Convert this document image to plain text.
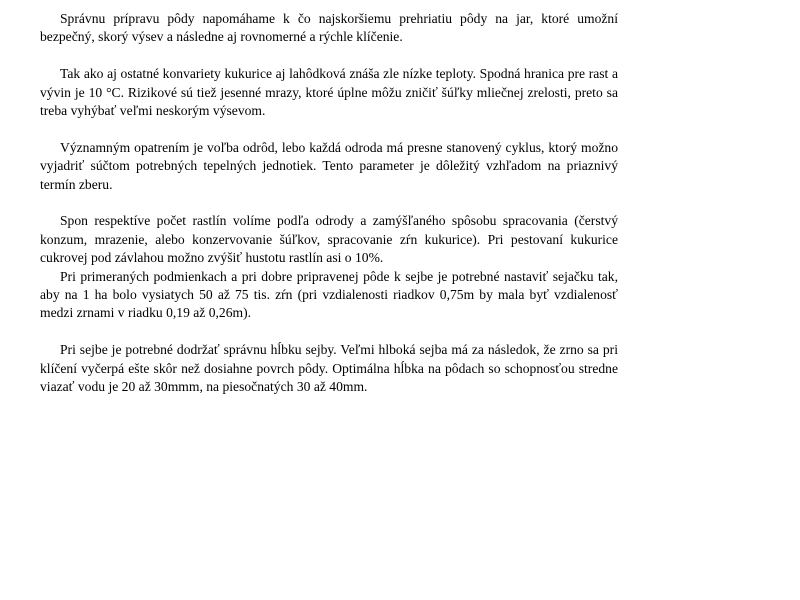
Správnu prípravu pôdy napomáhame k čo najskoršiemu prehriatiu pôdy na jar, ktoré umožní bezpečný, skorý výsev a následne aj rovnomerné a rýchle klíčenie.

Tak ako aj ostatné konvariety kukurice aj lahôdková znáša zle nízke teploty. Spodná hranica pre rast a vývin je 10 °C. Rizikové sú tiež jesenné mrazy, ktoré úplne môžu zničiť šúľky mliečnej zrelosti, preto sa treba vyhýbať veľmi neskorým výsevom.

Významným opatrením je voľba odrôd, lebo každá odroda má presne stanovený cyklus, ktorý možno vyjadriť súčtom potrebných tepelných jednotiek. Tento parameter je dôležitý vzhľadom na priaznivý termín zberu.

Spon respektíve počet rastlín volíme podľa odrody a zamýšľaného spôsobu spracovania (čerstvý konzum, mrazenie, alebo konzervovanie šúľkov, spracovanie zŕn kukurice). Pri pestovaní kukurice cukrovej pod závlahou možno zvýšiť hustotu rastlín asi o 10%.

Pri primeraných podmienkach a pri dobre pripravenej pôde k sejbe je potrebné nastaviť sejačku tak, aby na 1 ha bolo vysiatych 50 až 75 tis. zŕn (pri vzdialenosti riadkov 0,75m by mala byť vzdialenosť medzi zrnami v riadku 0,19 až 0,26m).

Pri sejbe je potrebné dodržať správnu hĺbku sejby. Veľmi hlboká sejba má za následok, že zrno sa pri klíčení vyčerpá ešte skôr než dosiahne povrch pôdy. Optimálna hĺbka na pôdach so schopnosťou stredne viazať vodu je 20 až 30mmm, na piesočnatých 30 až 40mm.
